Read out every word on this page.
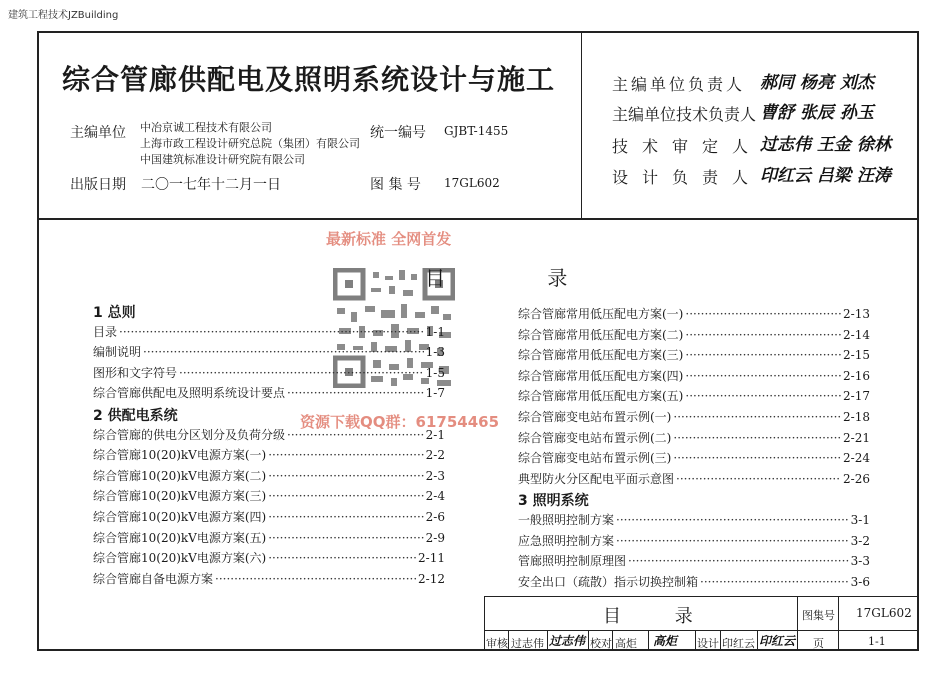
建筑工程技术JZBuilding
综合管廊供配电及照明系统设计与施工
主编单位 中冶京诚工程技术有限公司
上海市政工程设计研究总院（集团）有限公司
中国建筑标准设计研究院有限公司
出版日期 二〇一七年十二月一日
统一编号 GJBT-1455
图 集 号 17GL602
主编单位负责人 郝同 杨亮 刘杰
主编单位技术负责人 曹舒 张辰 孙玉
技术审定人
过志伟 王金 徐林
设计负责人
印红云 吕梁 汪涛
最新标准 全网首发
资源下载QQ群：61754465
目 录
1 总则
目录 ·····	1-1
编制说明 ·····	1-3
图形和文字符号 ·····	1-5
综合管廊供配电及照明系统设计要点 ·····	1-7
2 供配电系统
综合管廊的供电分区划分及负荷分级 ·····	2-1
综合管廊10(20)kV电源方案(一) ·····	2-2
综合管廊10(20)kV电源方案(二) ·····	2-3
综合管廊10(20)kV电源方案(三) ·····	2-4
综合管廊10(20)kV电源方案(四) ·····	2-6
综合管廊10(20)kV电源方案(五) ·····	2-9
综合管廊10(20)kV电源方案(六) ·····	2-11
综合管廊自备电源方案 ·····	2-12
综合管廊常用低压配电方案(一) ·····	2-13
综合管廊常用低压配电方案(二) ·····	2-14
综合管廊常用低压配电方案(三) ·····	2-15
综合管廊常用低压配电方案(四) ·····	2-16
综合管廊常用低压配电方案(五) ·····	2-17
综合管廊变电站布置示例(一) ·····	2-18
综合管廊变电站布置示例(二) ·····	2-21
综合管廊变电站布置示例(三) ·····	2-24
典型防火分区配电平面示意图 ·····	2-26
3 照明系统
一般照明控制方案 ·····	3-1
应急照明控制方案 ·····	3-2
管廊照明控制原理图 ·····	3-3
安全出口（疏散）指示切换控制箱 ·····	3-6
目 录	图集号 17GL602
审核 过志伟 过志伟 校对 高炬 高炬 设计 印红云 印红云 页	1-1
